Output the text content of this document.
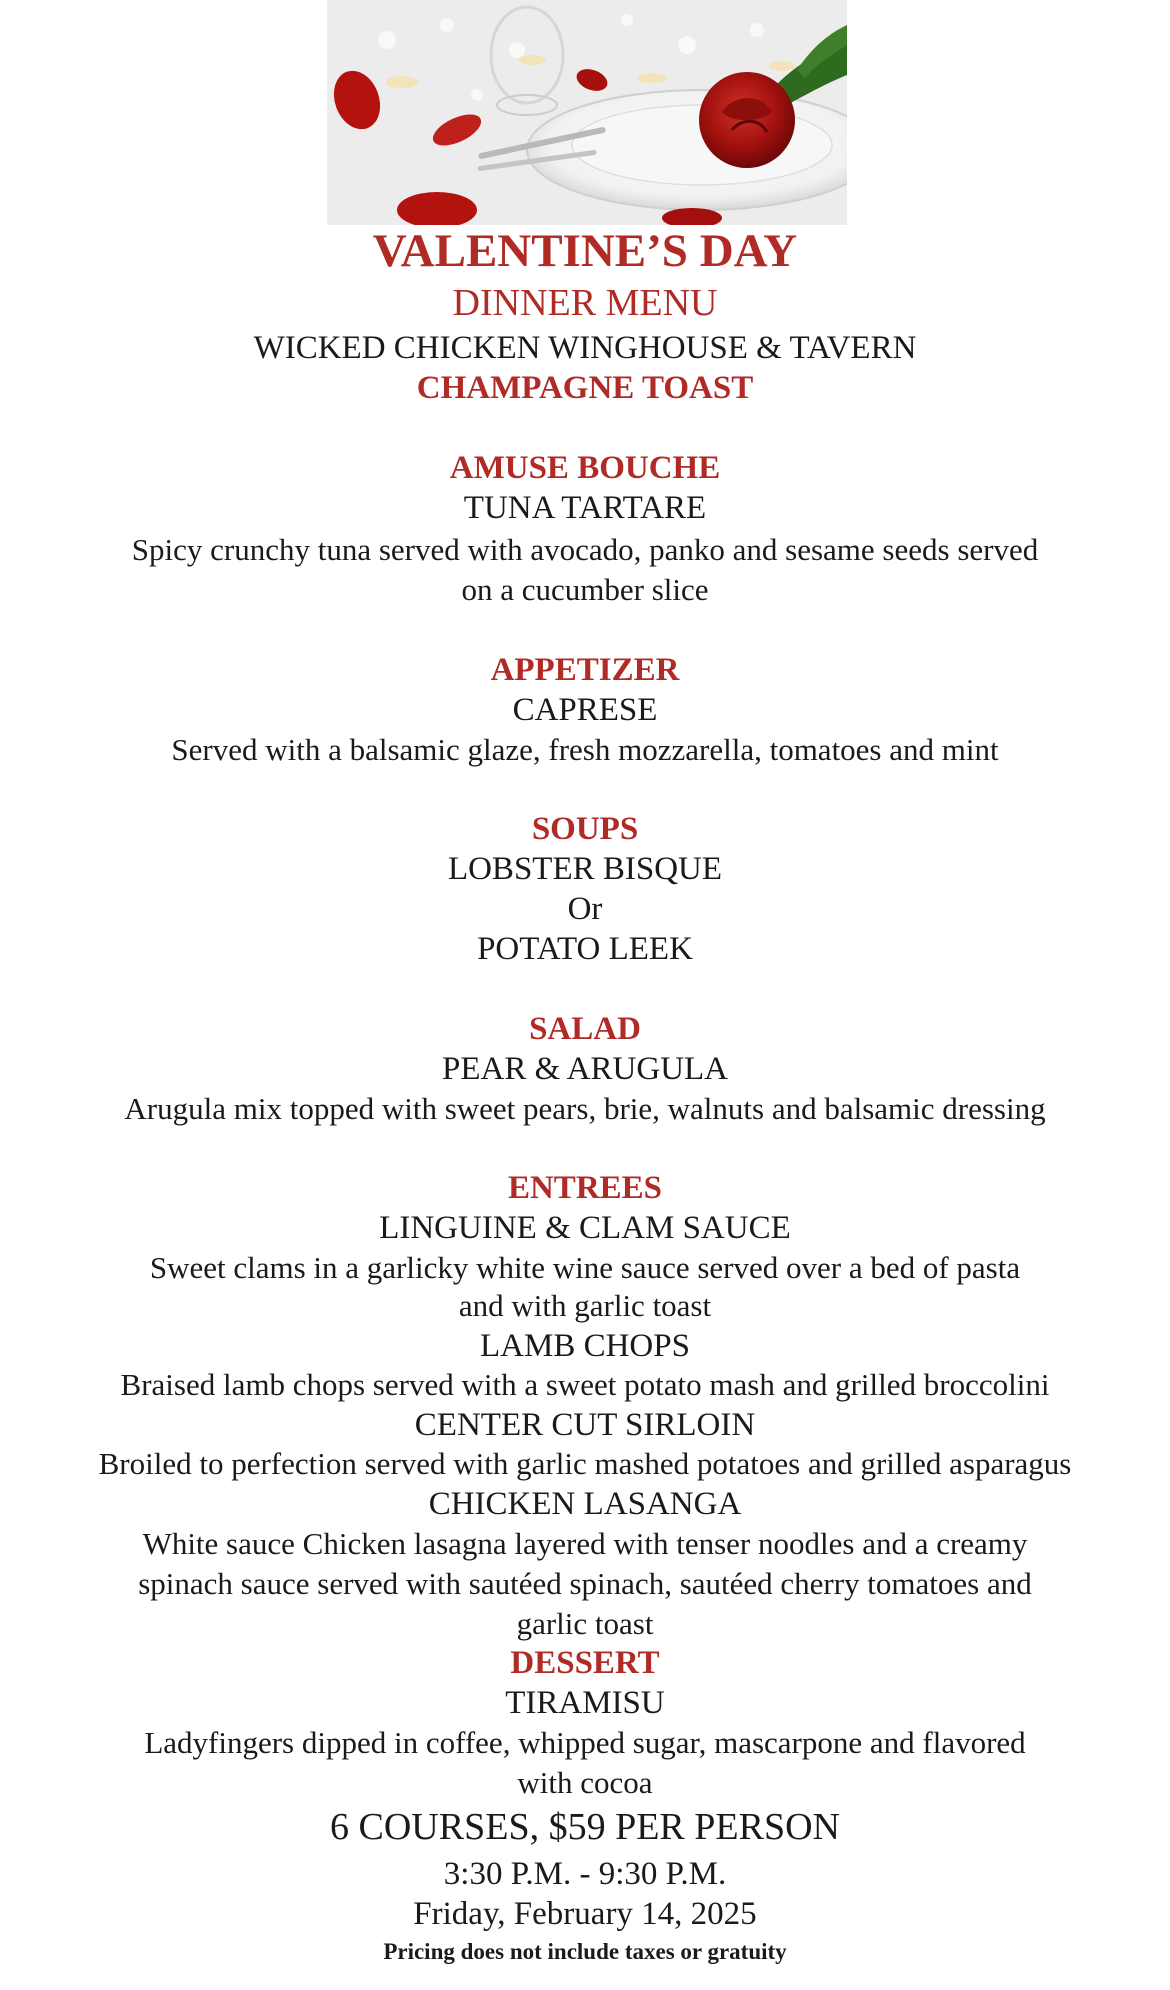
VALENTINE’S DAY
DINNER MENU
WICKED CHICKEN WINGHOUSE & TAVERN
CHAMPAGNE TOAST
AMUSE BOUCHE
TUNA TARTARE
Spicy crunchy tuna served with avocado, panko and sesame seeds served
on a cucumber slice
APPETIZER
CAPRESE
Served with a balsamic glaze, fresh mozzarella, tomatoes and mint
SOUPS
LOBSTER BISQUE
Or
POTATO LEEK
SALAD
PEAR & ARUGULA
Arugula mix topped with sweet pears, brie, walnuts and balsamic dressing
ENTREES
LINGUINE & CLAM SAUCE
Sweet clams in a garlicky white wine sauce served over a bed of pasta
and with garlic toast
LAMB CHOPS
Braised lamb chops served with a sweet potato mash and grilled broccolini
CENTER CUT SIRLOIN
Broiled to perfection served with garlic mashed potatoes and grilled asparagus
CHICKEN LASANGA
White sauce Chicken lasagna layered with tenser noodles and a creamy
spinach sauce served with sautéed spinach, sautéed cherry tomatoes and
garlic toast
DESSERT
TIRAMISU
Ladyfingers dipped in coffee, whipped sugar, mascarpone and flavored
with cocoa
6 COURSES, $59 PER PERSON
3:30 P.M. - 9:30 P.M.
Friday, February 14, 2025
Pricing does not include taxes or gratuity
